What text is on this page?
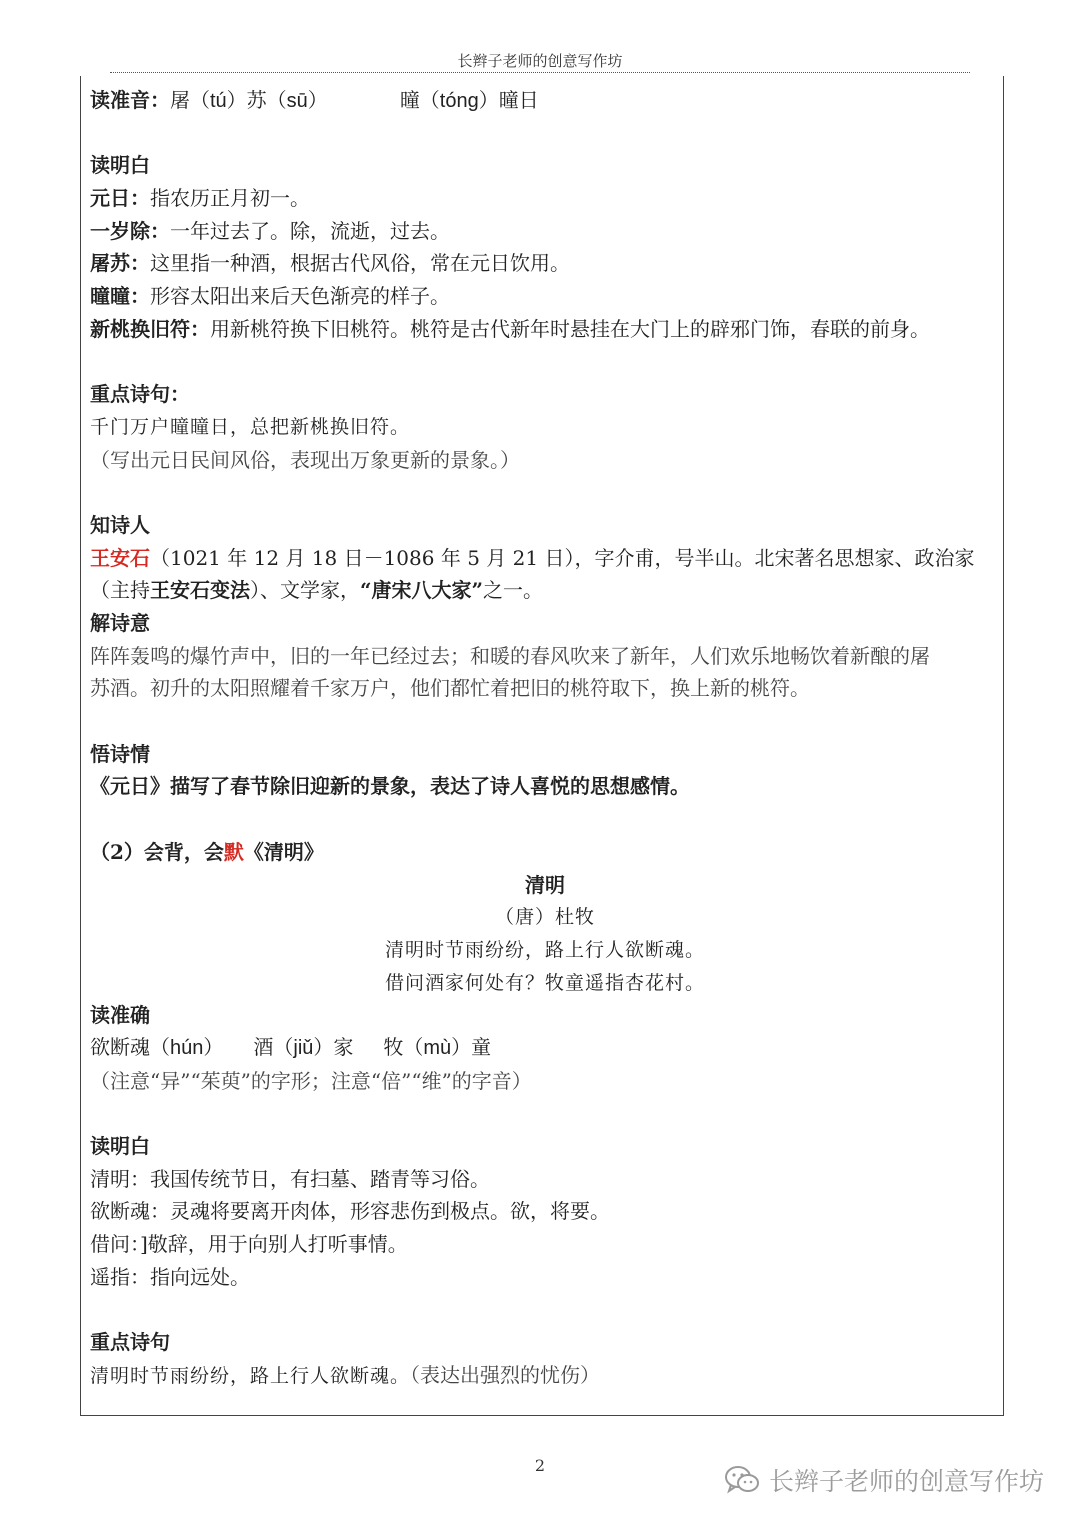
长辫子老师的创意写作坊
读准音：屠（tú）苏（sū）	曈（tóng）曈日
读明白
元日：指农历正月初一。
一岁除：一年过去了。除，流逝，过去。
屠苏：这里指一种酒，根据古代风俗，常在元日饮用。
曈曈：形容太阳出来后天色渐亮的样子。
新桃换旧符：用新桃符换下旧桃符。桃符是古代新年时悬挂在大门上的辟邪门饰，春联的前身。
重点诗句：
千门万户曈曈日，总把新桃换旧符。
（写出元日民间风俗，表现出万象更新的景象。）
知诗人
王安石（1021 年 12 月 18 日－1086 年 5 月 21 日），字介甫，号半山。北宋著名思想家、政治家
（主持王安石变法）、文学家，“唐宋八大家”之一。
解诗意
阵阵轰鸣的爆竹声中，旧的一年已经过去；和暖的春风吹来了新年，人们欢乐地畅饮着新酿的屠
苏酒。初升的太阳照耀着千家万户，他们都忙着把旧的桃符取下，换上新的桃符。
悟诗情
《元日》描写了春节除旧迎新的景象，表达了诗人喜悦的思想感情。
（2）会背，会默《清明》
清明
（唐）杜牧
清明时节雨纷纷，路上行人欲断魂。
借问酒家何处有？牧童遥指杏花村。
读准确
欲断魂（hún） 酒（jiǔ）家 牧（mù）童
（注意“异”“茱萸”的字形；注意“倍”“维”的字音）
读明白
清明：我国传统节日，有扫墓、踏青等习俗。
欲断魂：灵魂将要离开肉体，形容悲伤到极点。欲，将要。
借问：]敬辞，用于向别人打听事情。
遥指：指向远处。
重点诗句
清明时节雨纷纷，路上行人欲断魂。（表达出强烈的忧伤）
2
长辫子老师的创意写作坊
